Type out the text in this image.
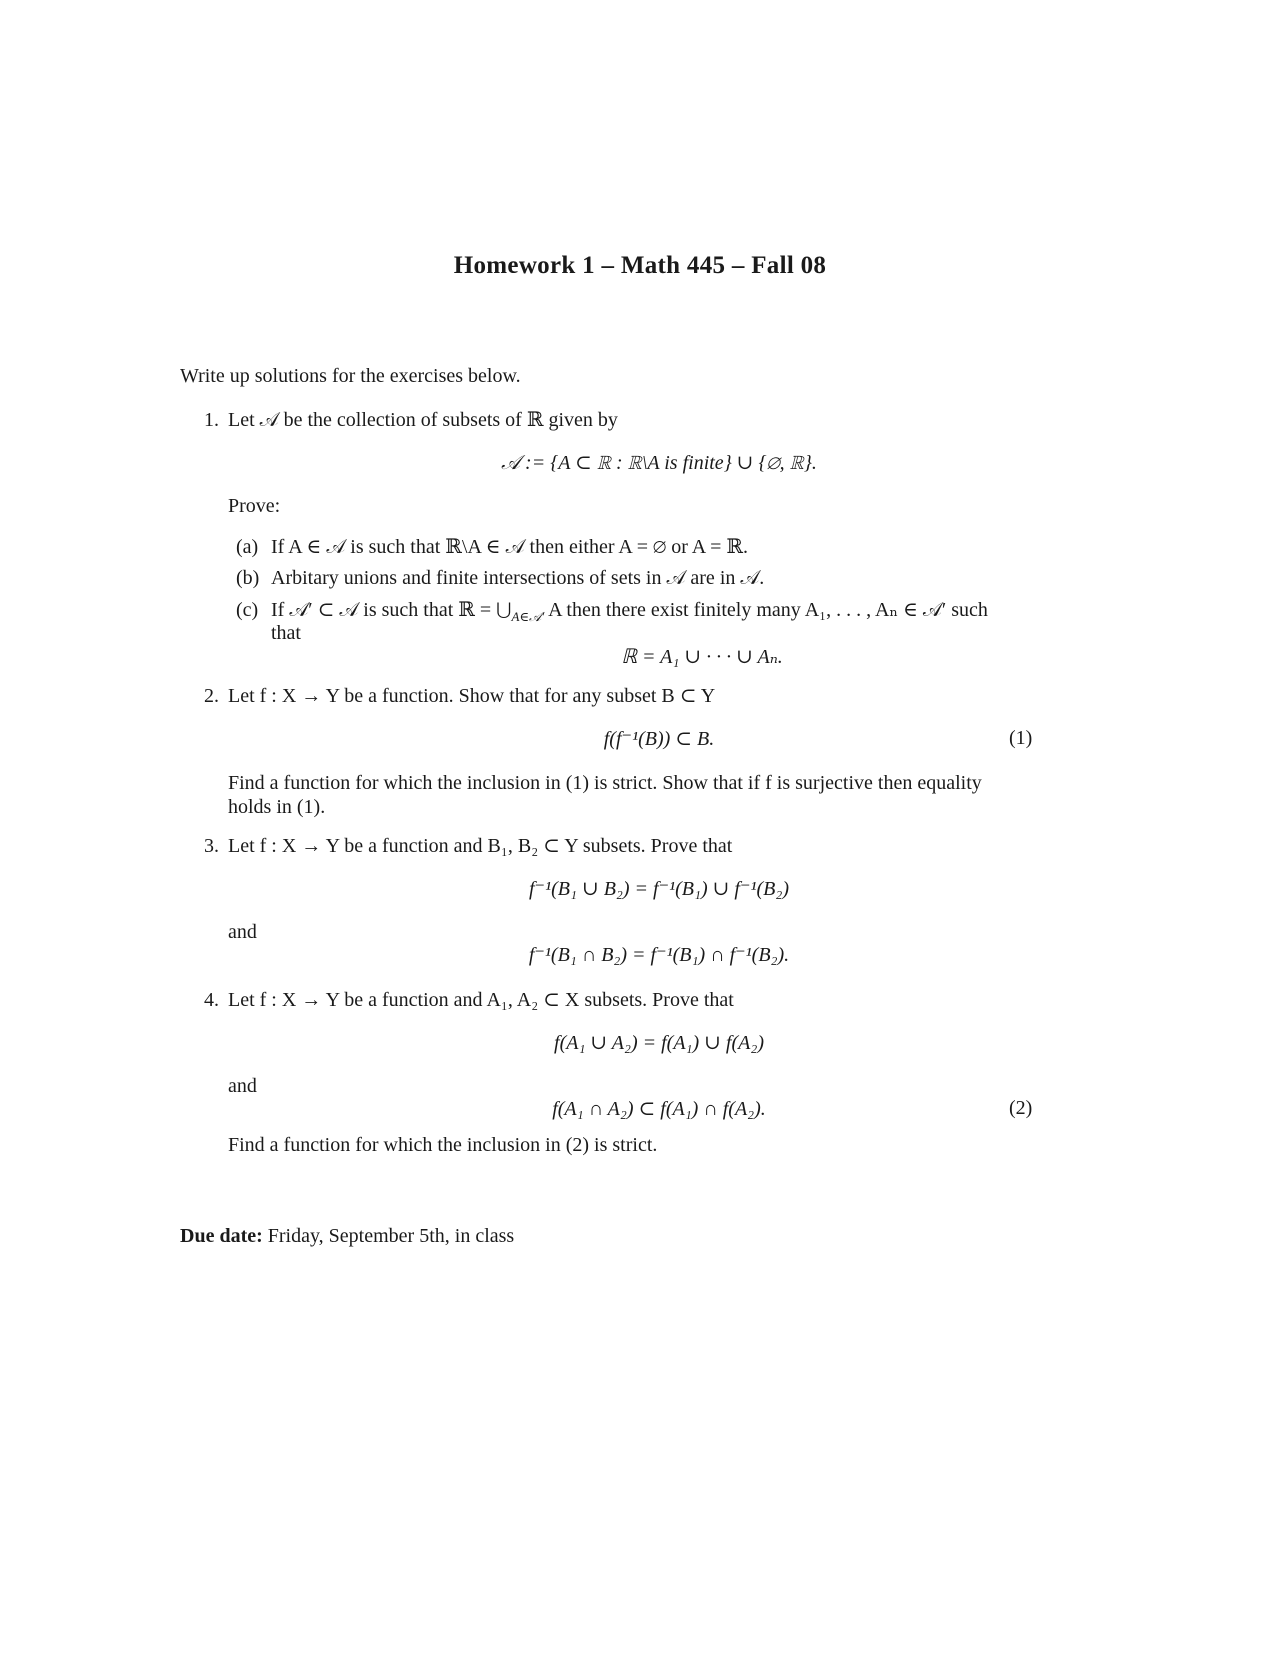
Homework 1 – Math 445 – Fall 08
Write up solutions for the exercises below.
1. Let 𝒜 be the collection of subsets of ℝ given by
𝒜 := {A ⊂ ℝ : ℝ\A is finite} ∪ {∅, ℝ}.
Prove:
(a) If A ∈ 𝒜 is such that ℝ\A ∈ 𝒜 then either A = ∅ or A = ℝ.
(b) Arbitary unions and finite intersections of sets in 𝒜 are in 𝒜.
(c) If 𝒜′ ⊂ 𝒜 is such that ℝ = $⋃_{A\in 𝒜'}$ A then there exist finitely many A₁, . . . , Aₙ ∈ 𝒜′ such
that
ℝ = A₁ ∪ · · · ∪ Aₙ.
2. Let f : X → Y be a function. Show that for any subset B ⊂ Y
f(f⁻¹(B)) ⊂ B.	(1)
Find a function for which the inclusion in (1) is strict. Show that if f is surjective then equality
holds in (1).
3. Let f : X → Y be a function and B₁, B₂ ⊂ Y subsets. Prove that
f⁻¹(B₁ ∪ B₂) = f⁻¹(B₁) ∪ f⁻¹(B₂)
and
f⁻¹(B₁ ∩ B₂) = f⁻¹(B₁) ∩ f⁻¹(B₂).
4. Let f : X → Y be a function and A₁, A₂ ⊂ X subsets. Prove that
f(A₁ ∪ A₂) = f(A₁) ∪ f(A₂)
and
f(A₁ ∩ A₂) ⊂ f(A₁) ∩ f(A₂).	(2)
Find a function for which the inclusion in (2) is strict.
Due date: Friday, September 5th, in class
